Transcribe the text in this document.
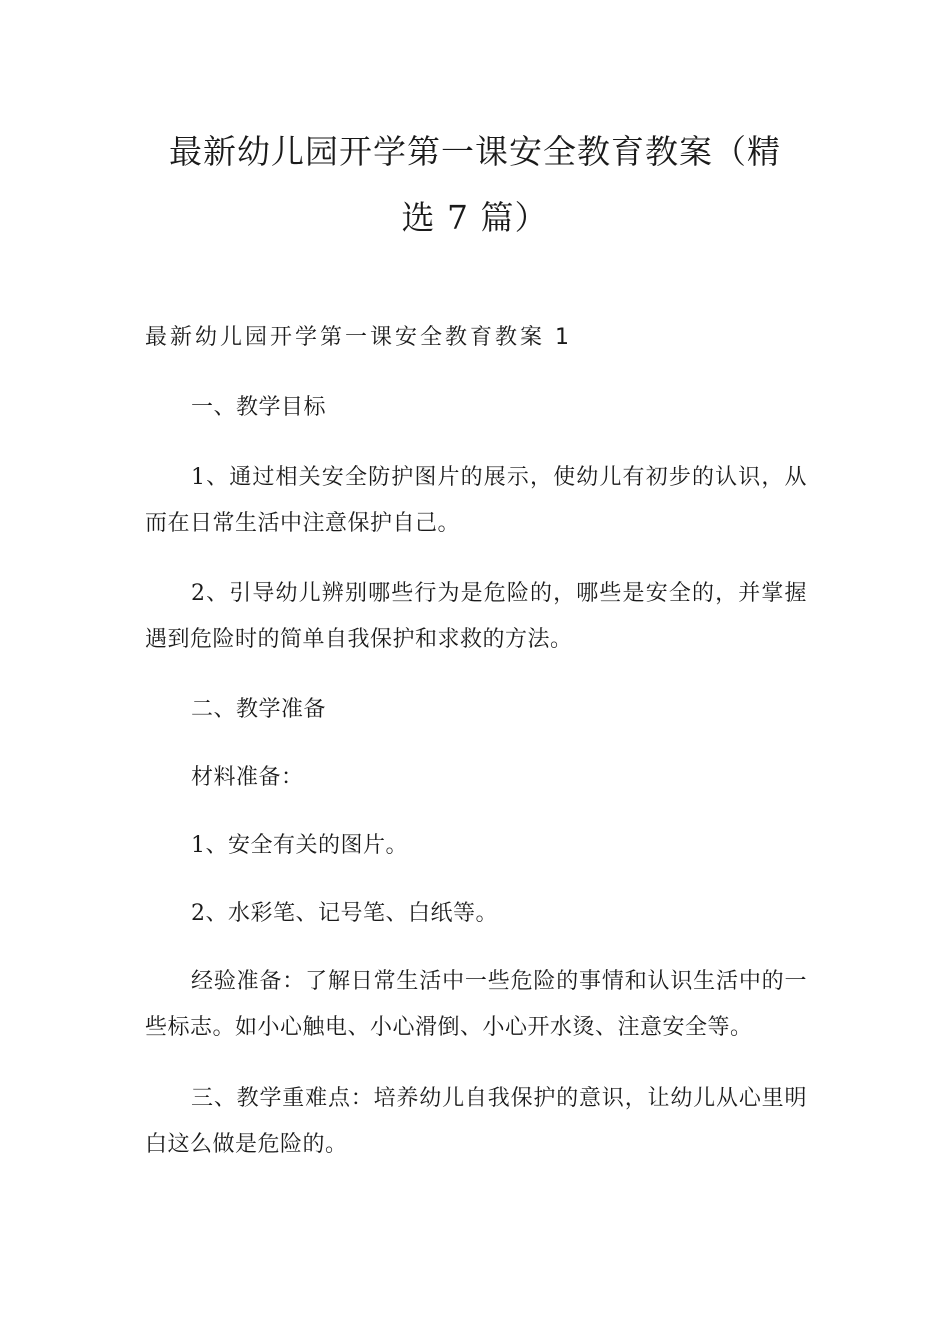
最新幼儿园开学第一课安全教育教案（精
选 7 篇）
最新幼儿园开学第一课安全教育教案 1

一、教学目标

1、通过相关安全防护图片的展示，使幼儿有初步的认识，从而在日常生活中注意保护自己。

2、引导幼儿辨别哪些行为是危险的，哪些是安全的，并掌握遇到危险时的简单自我保护和求救的方法。

二、教学准备

材料准备：

1、安全有关的图片。

2、水彩笔、记号笔、白纸等。

经验准备：了解日常生活中一些危险的事情和认识生活中的一些标志。如小心触电、小心滑倒、小心开水烫、注意安全等。

三、教学重难点：培养幼儿自我保护的意识，让幼儿从心里明白这么做是危险的。
